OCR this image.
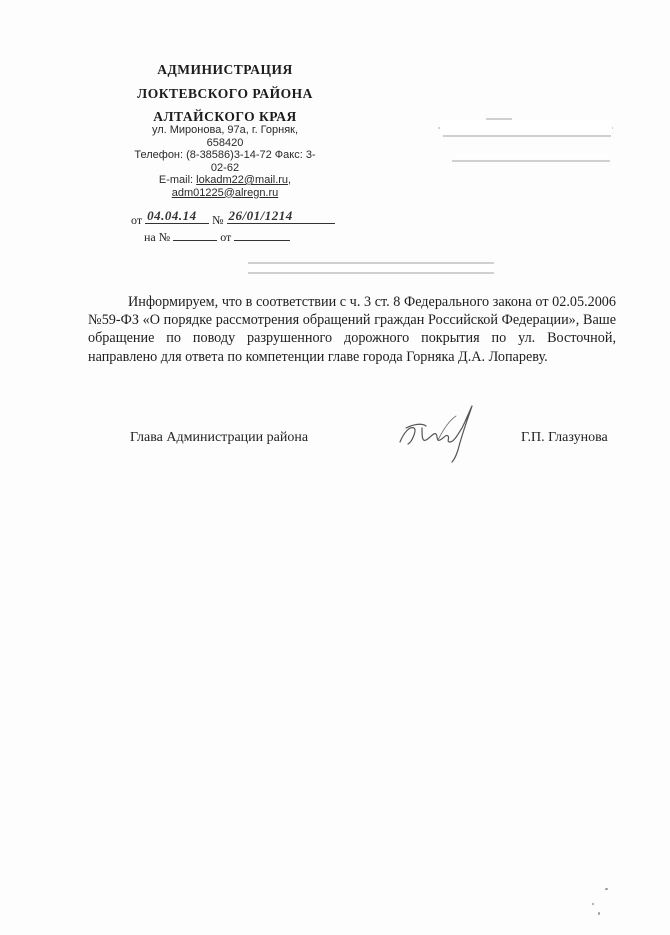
АДМИНИСТРАЦИЯ
ЛОКТЕВСКОГО РАЙОНА
АЛТАЙСКОГО КРАЯ
ул. Миронова, 97а, г. Горняк,
658420
Телефон: (8-38586)3-14-72 Факс: 3-
02-62
E-mail: lokadm22@mail.ru,
adm01225@alregn.ru
от 04.04.14 № 26/01/1214
на №	от
Информируем, что в соответствии с ч. 3 ст. 8 Федерального закона от 02.05.2006 №59-ФЗ «О порядке рассмотрения обращений граждан Российской Федерации», Ваше обращение по поводу разрушенного дорожного покрытия по ул. Восточной, направлено для ответа по компетенции главе города Горняка Д.А. Лопареву.
Глава Администрации района	Г.П. Глазунова
